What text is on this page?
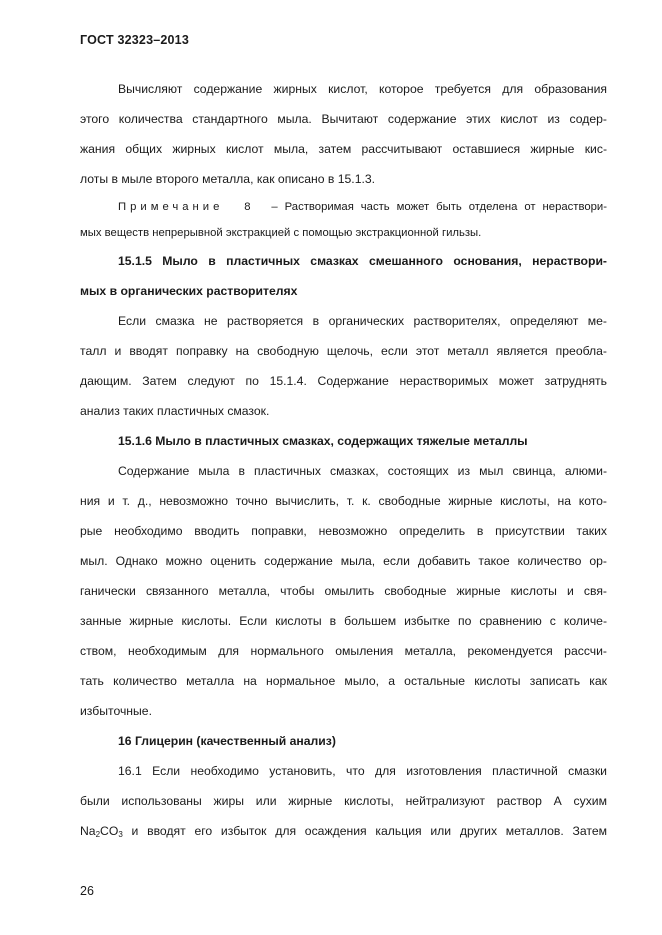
ГОСТ 32323–2013
Вычисляют содержание жирных кислот, которое требуется для образования
этого количества стандартного мыла. Вычитают содержание этих кислот из содер-
жания общих жирных кислот мыла, затем рассчитывают оставшиеся жирные кис-
лоты в мыле второго металла, как описано в 15.1.3.
Примечание 8 – Растворимая часть может быть отделена от нераствори-
мых веществ непрерывной экстракцией с помощью экстракционной гильзы.
15.1.5 Мыло в пластичных смазках смешанного основания, нераствори-
мых в органических растворителях
Если смазка не растворяется в органических растворителях, определяют ме-
талл и вводят поправку на свободную щелочь, если этот металл является преобла-
дающим. Затем следуют по 15.1.4. Содержание нерастворимых может затруднять
анализ таких пластичных смазок.
15.1.6 Мыло в пластичных смазках, содержащих тяжелые металлы
Содержание мыла в пластичных смазках, состоящих из мыл свинца, алюми-
ния и т. д., невозможно точно вычислить, т. к. свободные жирные кислоты, на кото-
рые необходимо вводить поправки, невозможно определить в присутствии таких
мыл. Однако можно оценить содержание мыла, если добавить такое количество ор-
ганически связанного металла, чтобы омылить свободные жирные кислоты и свя-
занные жирные кислоты. Если кислоты в большем избытке по сравнению с количе-
ством, необходимым для нормального омыления металла, рекомендуется рассчи-
тать количество металла на нормальное мыло, а остальные кислоты записать как
избыточные.
16 Глицерин (качественный анализ)
16.1 Если необходимо установить, что для изготовления пластичной смазки
были использованы жиры или жирные кислоты, нейтрализуют раствор А сухим
$Na_2CO_3$ и вводят его избыток для осаждения кальция или других металлов. Затем
26
